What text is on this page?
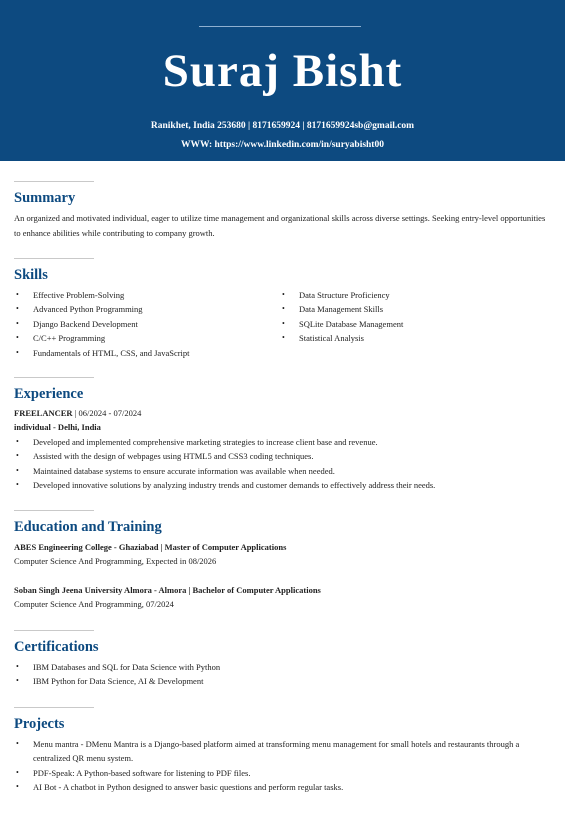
Suraj Bisht
Ranikhet, India 253680 | 8171659924 | 8171659924sb@gmail.com
WWW: https://www.linkedin.com/in/suryabisht00
Summary
An organized and motivated individual, eager to utilize time management and organizational skills across diverse settings. Seeking entry-level opportunities to enhance abilities while contributing to company growth.
Skills
• Effective Problem-Solving
• Advanced Python Programming
• Django Backend Development
• C/C++ Programming
• Fundamentals of HTML, CSS, and JavaScript
• Data Structure Proficiency
• Data Management Skills
• SQLite Database Management
• Statistical Analysis
Experience
FREELANCER | 06/2024 - 07/2024
individual - Delhi, India
• Developed and implemented comprehensive marketing strategies to increase client base and revenue.
• Assisted with the design of webpages using HTML5 and CSS3 coding techniques.
• Maintained database systems to ensure accurate information was available when needed.
• Developed innovative solutions by analyzing industry trends and customer demands to effectively address their needs.
Education and Training
ABES Engineering College - Ghaziabad | Master of Computer Applications
Computer Science And Programming, Expected in 08/2026
Soban Singh Jeena University Almora - Almora | Bachelor of Computer Applications
Computer Science And Programming, 07/2024
Certifications
• IBM Databases and SQL for Data Science with Python
• IBM Python for Data Science, AI & Development
Projects
• Menu mantra - DMenu Mantra is a Django-based platform aimed at transforming menu management for small hotels and restaurants through a centralized QR menu system.
• PDF-Speak: A Python-based software for listening to PDF files.
• AI Bot - A chatbot in Python designed to answer basic questions and perform regular tasks.
